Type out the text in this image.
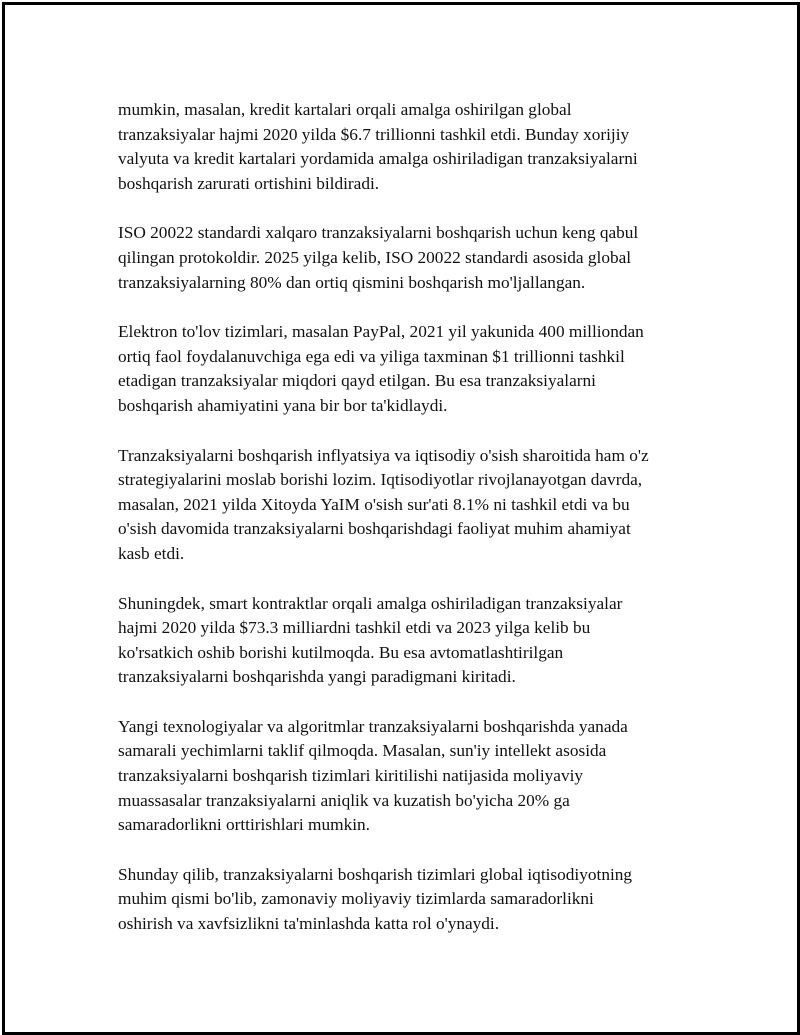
mumkin, masalan, kredit kartalari orqali amalga oshirilgan global
tranzaksiyalar hajmi 2020 yilda $6.7 trillionni tashkil etdi. Bunday xorijiy
valyuta va kredit kartalari yordamida amalga oshiriladigan tranzaksiyalarni
boshqarish zarurati ortishini bildiradi.

ISO 20022 standardi xalqaro tranzaksiyalarni boshqarish uchun keng qabul
qilingan protokoldir. 2025 yilga kelib, ISO 20022 standardi asosida global
tranzaksiyalarning 80% dan ortiq qismini boshqarish mo'ljallangan.

Elektron to'lov tizimlari, masalan PayPal, 2021 yil yakunida 400 milliondan
ortiq faol foydalanuvchiga ega edi va yiliga taxminan $1 trillionni tashkil
etadigan tranzaksiyalar miqdori qayd etilgan. Bu esa tranzaksiyalarni
boshqarish ahamiyatini yana bir bor ta'kidlaydi.

Tranzaksiyalarni boshqarish inflyatsiya va iqtisodiy o'sish sharoitida ham o'z
strategiyalarini moslab borishi lozim. Iqtisodiyotlar rivojlanayotgan davrda,
masalan, 2021 yilda Xitoyda YaIM o'sish sur'ati 8.1% ni tashkil etdi va bu
o'sish davomida tranzaksiyalarni boshqarishdagi faoliyat muhim ahamiyat
kasb etdi.

Shuningdek, smart kontraktlar orqali amalga oshiriladigan tranzaksiyalar
hajmi 2020 yilda $73.3 milliardni tashkil etdi va 2023 yilga kelib bu
ko'rsatkich oshib borishi kutilmoqda. Bu esa avtomatlashtirilgan
tranzaksiyalarni boshqarishda yangi paradigmani kiritadi.

Yangi texnologiyalar va algoritmlar tranzaksiyalarni boshqarishda yanada
samarali yechimlarni taklif qilmoqda. Masalan, sun'iy intellekt asosida
tranzaksiyalarni boshqarish tizimlari kiritilishi natijasida moliyaviy
muassasalar tranzaksiyalarni aniqlik va kuzatish bo'yicha 20% ga
samaradorlikni orttirishlari mumkin.

Shunday qilib, tranzaksiyalarni boshqarish tizimlari global iqtisodiyotning
muhim qismi bo'lib, zamonaviy moliyaviy tizimlarda samaradorlikni
oshirish va xavfsizlikni ta'minlashda katta rol o'ynaydi.
